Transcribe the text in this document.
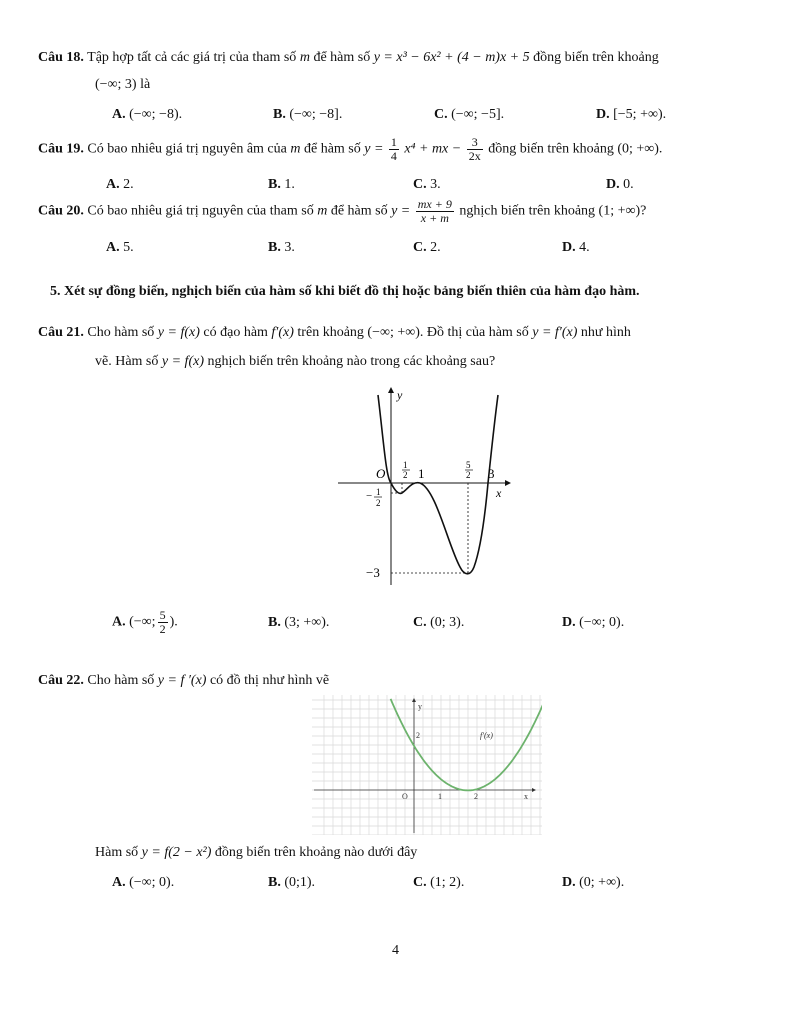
Câu 18. Tập hợp tất cả các giá trị của tham số m để hàm số y = x³ − 6x² + (4 − m)x + 5 đồng biến trên khoảng
(−∞; 3) là
A. (−∞; −8).	B. (−∞; −8].	C. (−∞; −5].	D. [−5; +∞).
Câu 19. Có bao nhiêu giá trị nguyên âm của m để hàm số $y = \frac{1}{4} x^4$ + mx − $\frac{3}{2x}$ đồng biến trên khoảng (0; +∞).
A. 2.	B. 1.	C. 3.	D. 0.
Câu 20. Có bao nhiêu giá trị nguyên của tham số m để hàm số $y = \frac{mx + 9}{x + m}$ nghịch biến trên khoảng (1; +∞)?
A. 5.	B. 3.	C. 2.	D. 4.
5. Xét sự đồng biến, nghịch biến của hàm số khi biết đồ thị hoặc bảng biến thiên của hàm đạo hàm.
Câu 21. Cho hàm số y = f(x) có đạo hàm f′(x) trên khoảng (−∞; +∞). Đồ thị của hàm số y = f′(x) như hình
vẽ. Hàm số y = f(x) nghịch biến trên khoảng nào trong các khoảng sau?
y
x
O
1
2 1
5
2 3
− 1
2
−3
A. (−∞; $\frac{5}{2}$ ).	B. (3; +∞).	C. (0; 3).	D. (−∞; 0).
Câu 22. Cho hàm số y = f ′(x) có đồ thị như hình vẽ
y
x
O	1	2
2	f′(x)
Hàm số y = f(2 − x²) đồng biến trên khoảng nào dưới đây
A. (−∞; 0).	B. (0;1).	C. (1; 2).	D. (0; +∞).
4
